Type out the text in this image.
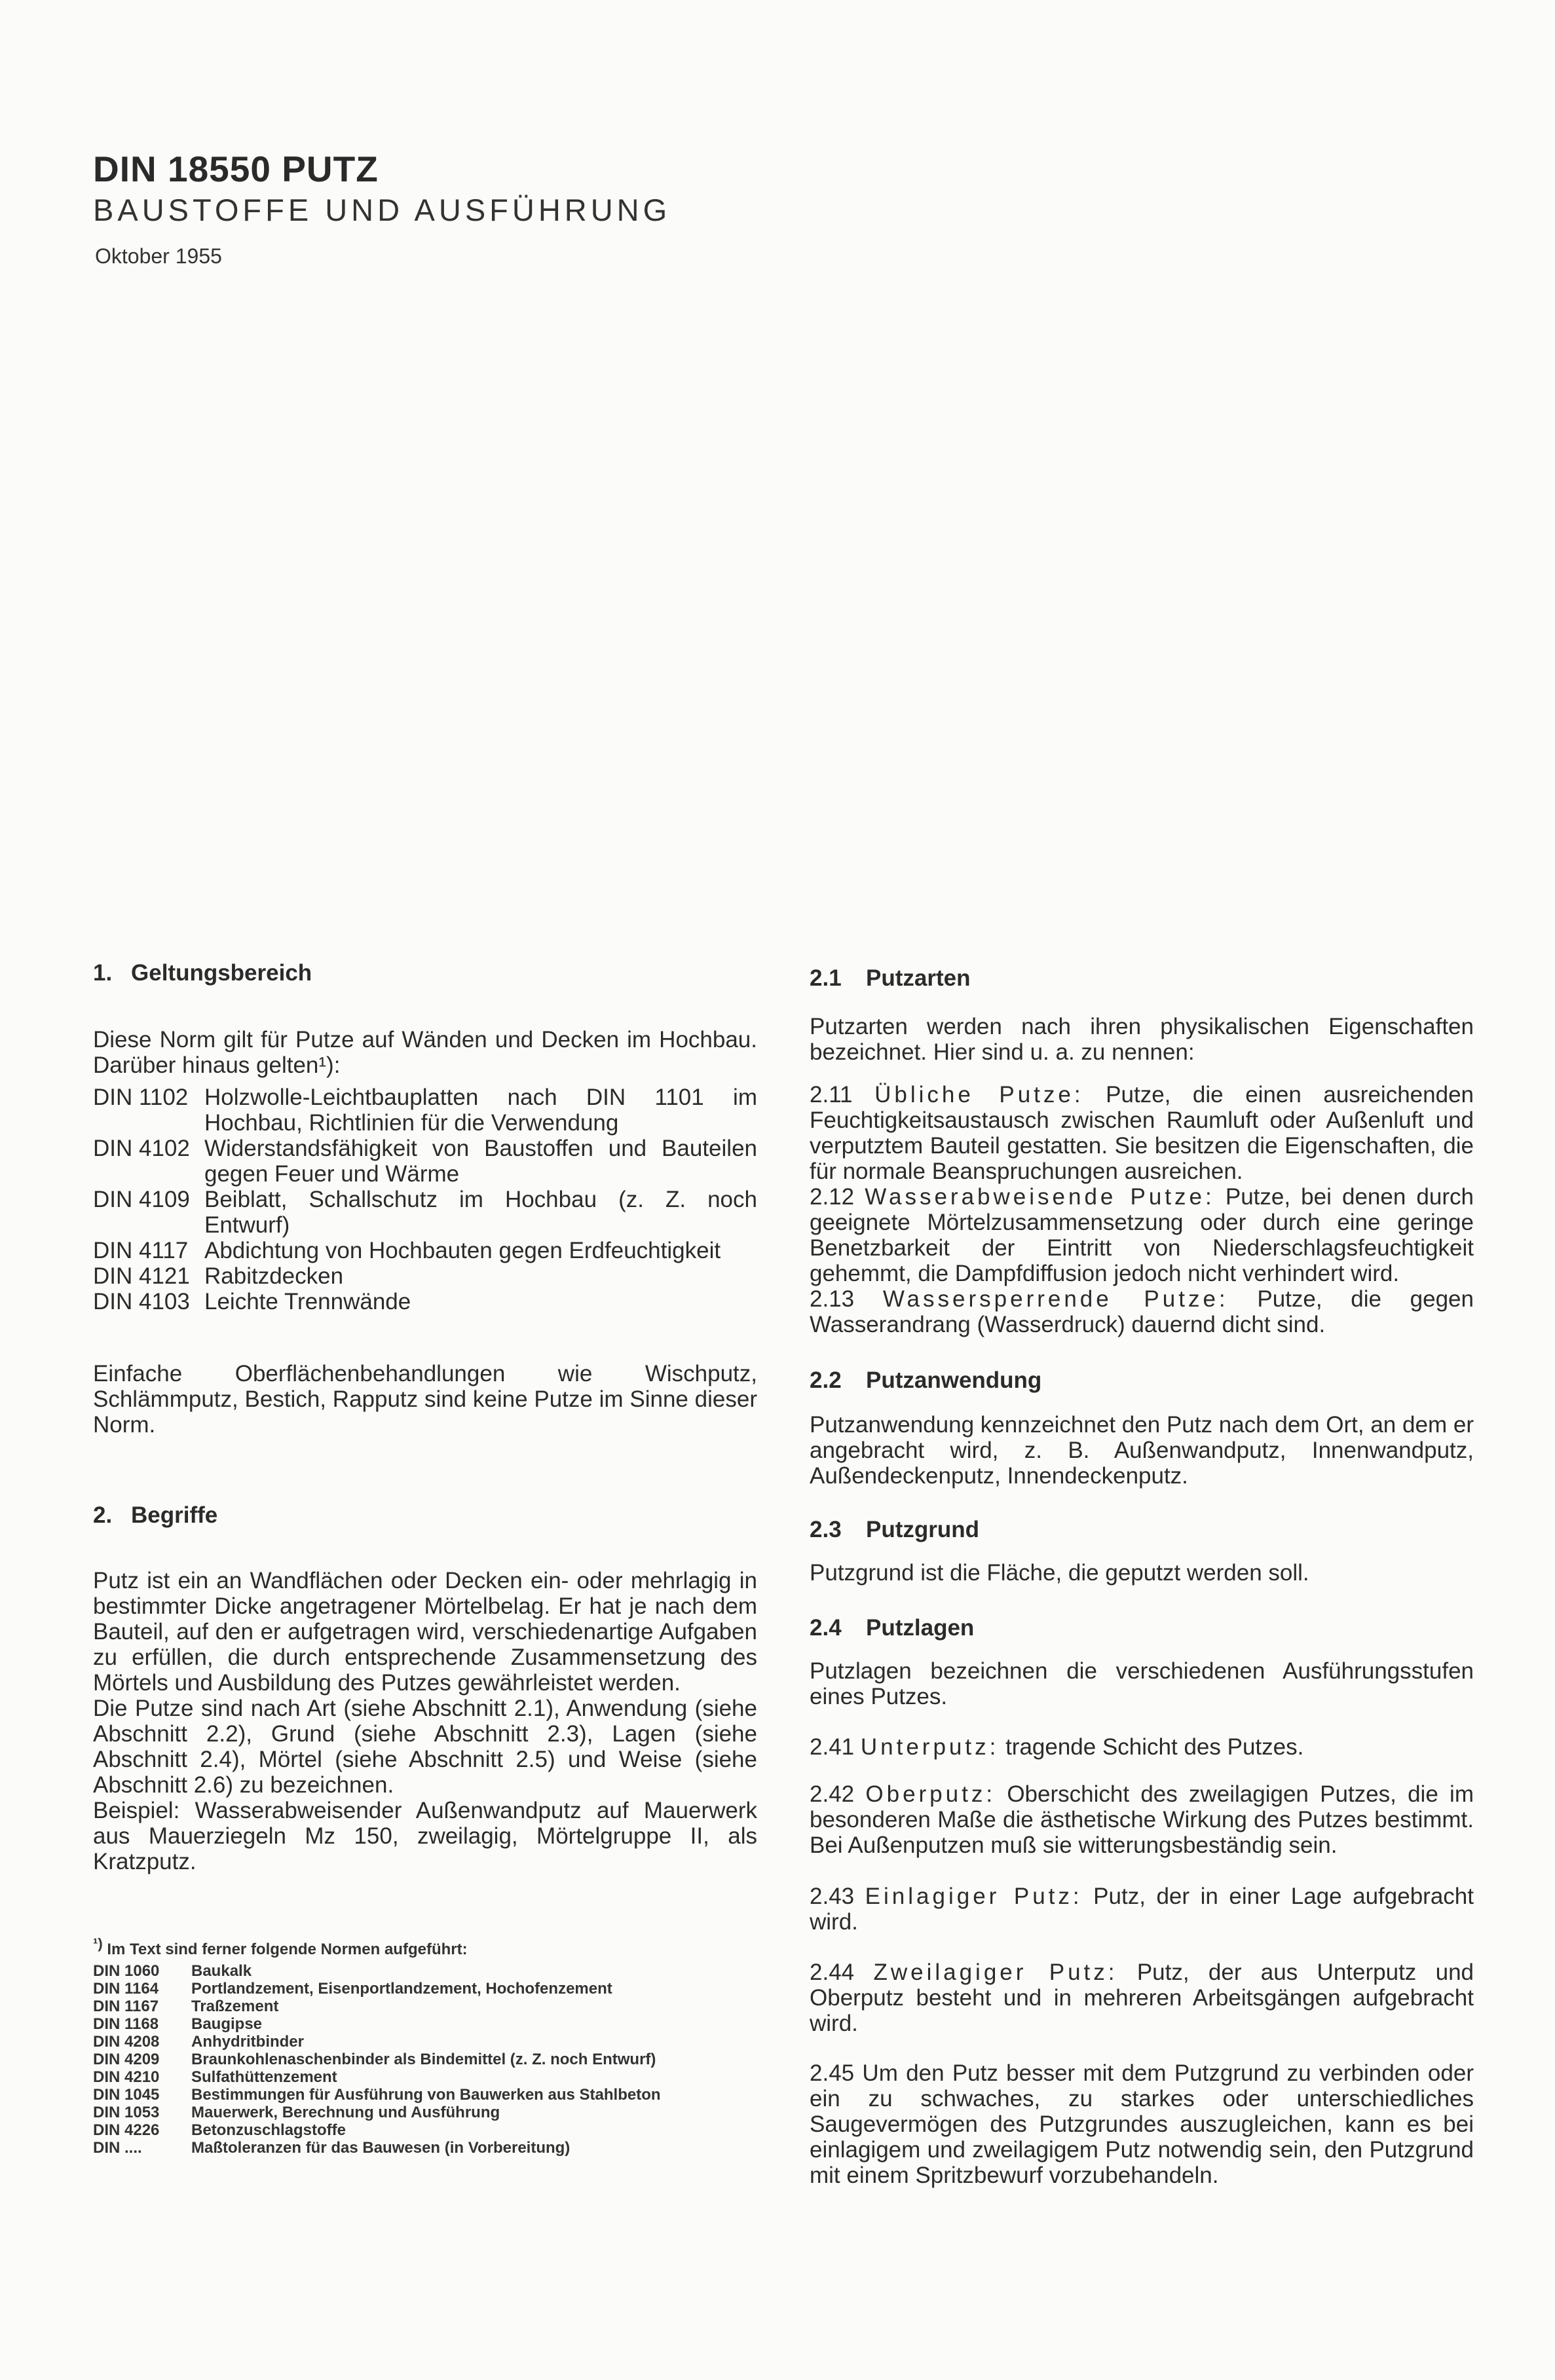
DIN 18550 PUTZ
BAUSTOFFE UND AUSFÜHRUNG
Oktober 1955

1. Geltungsbereich

Diese Norm gilt für Putze auf Wänden und Decken im Hochbau. Darüber hinaus gelten¹):
DIN 1102 Holzwolle-Leichtbauplatten nach DIN 1101 im Hochbau, Richtlinien für die Verwendung
DIN 4102 Widerstandsfähigkeit von Baustoffen und Bauteilen gegen Feuer und Wärme
DIN 4109 Beiblatt, Schallschutz im Hochbau (z. Z. noch Entwurf)
DIN 4117 Abdichtung von Hochbauten gegen Erdfeuchtigkeit
DIN 4121 Rabitzdecken
DIN 4103 Leichte Trennwände
Einfache Oberflächenbehandlungen wie Wischputz, Schlämmputz, Bestich, Rapputz sind keine Putze im Sinne dieser Norm.

2. Begriffe

Putz ist ein an Wandflächen oder Decken ein- oder mehrlagig in bestimmter Dicke angetragener Mörtelbelag. Er hat je nach dem Bauteil, auf den er aufgetragen wird, verschiedenartige Aufgaben zu erfüllen, die durch entsprechende Zusammensetzung des Mörtels und Ausbildung des Putzes gewährleistet werden.

Die Putze sind nach Art (siehe Abschnitt 2.1), Anwendung (siehe Abschnitt 2.2), Grund (siehe Abschnitt 2.3), Lagen (siehe Abschnitt 2.4), Mörtel (siehe Abschnitt 2.5) und Weise (siehe Abschnitt 2.6) zu bezeichnen.

Beispiel: Wasserabweisender Außenwandputz auf Mauerwerk aus Mauerziegeln Mz 150, zweilagig, Mörtelgruppe II, als Kratzputz.

¹) Im Text sind ferner folgende Normen aufgeführt:
DIN 1060	Baukalk
DIN 1164	Portlandzement, Eisenportlandzement, Hochofenzement
DIN 1167	Traßzement
DIN 1168	Baugipse
DIN 4208	Anhydritbinder
DIN 4209	Braunkohlenaschenbinder als Bindemittel (z. Z. noch Entwurf)
DIN 4210	Sulfathüttenzement
DIN 1045	Bestimmungen für Ausführung von Bauwerken aus Stahlbeton
DIN 1053	Mauerwerk, Berechnung und Ausführung
DIN 4226	Betonzuschlagstoffe
DIN ....	Maßtoleranzen für das Bauwesen (in Vorbereitung)

2.1 Putzarten

Putzarten werden nach ihren physikalischen Eigenschaften bezeichnet. Hier sind u. a. zu nennen:
2.11 Übliche Putze: Putze, die einen ausreichenden Feuchtigkeitsaustausch zwischen Raumluft oder Außenluft und verputztem Bauteil gestatten. Sie besitzen die Eigenschaften, die für normale Beanspruchungen ausreichen.
2.12 Wasserabweisende Putze: Putze, bei denen durch geeignete Mörtelzusammensetzung oder durch eine geringe Benetzbarkeit der Eintritt von Niederschlagsfeuchtigkeit gehemmt, die Dampfdiffusion jedoch nicht verhindert wird.
2.13 Wassersperrende Putze: Putze, die gegen Wasserandrang (Wasserdruck) dauernd dicht sind.

2.2 Putzanwendung

Putzanwendung kennzeichnet den Putz nach dem Ort, an dem er angebracht wird, z. B. Außenwandputz, Innenwandputz, Außendeckenputz, Innendeckenputz.

2.3 Putzgrund

Putzgrund ist die Fläche, die geputzt werden soll.

2.4 Putzlagen

Putzlagen bezeichnen die verschiedenen Ausführungsstufen eines Putzes.
2.41 Unterputz: tragende Schicht des Putzes.
2.42 Oberputz: Oberschicht des zweilagigen Putzes, die im besonderen Maße die ästhetische Wirkung des Putzes bestimmt. Bei Außenputzen muß sie witterungsbeständig sein.
2.43 Einlagiger Putz: Putz, der in einer Lage aufgebracht wird.
2.44 Zweilagiger Putz: Putz, der aus Unterputz und Oberputz besteht und in mehreren Arbeitsgängen aufgebracht wird.
2.45 Um den Putz besser mit dem Putzgrund zu verbinden oder ein zu schwaches, zu starkes oder unterschiedliches Saugevermögen des Putzgrundes auszugleichen, kann es bei einlagigem und zweilagigem Putz notwendig sein, den Putzgrund mit einem Spritzbewurf vorzubehandeln.
